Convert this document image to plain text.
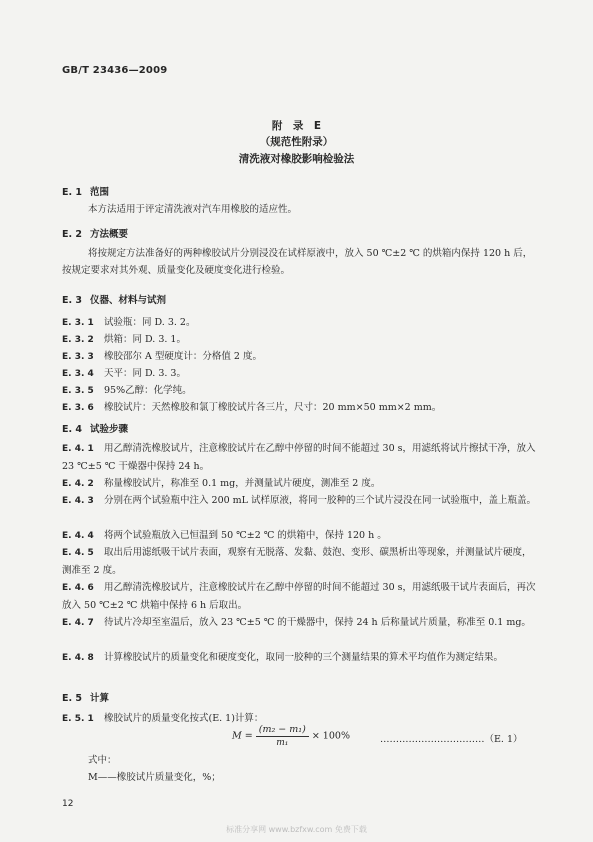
GB/T 23436—2009
附　录　E
（规范性附录）
清洗液对橡胶影响检验法
E. 1 范围
本方法适用于评定清洗液对汽车用橡胶的适应性。
E. 2 方法概要
将按规定方法准备好的两种橡胶试片分别浸没在试样原液中，放入 50 ℃±2 ℃ 的烘箱内保持 120 h 后，按规定要求对其外观、质量变化及硬度变化进行检验。
E. 3 仪器、材料与试剂
E. 3. 1 试验瓶：同 D. 3. 2。
E. 3. 2 烘箱：同 D. 3. 1。
E. 3. 3 橡胶邵尔 A 型硬度计：分格值 2 度。
E. 3. 4 天平：同 D. 3. 3。
E. 3. 5 95%乙醇：化学纯。
E. 3. 6 橡胶试片：天然橡胶和氯丁橡胶试片各三片，尺寸：20 mm×50 mm×2 mm。
E. 4 试验步骤
E. 4. 1 用乙醇清洗橡胶试片，注意橡胶试片在乙醇中停留的时间不能超过 30 s，用滤纸将试片擦拭干净，放入 23 ℃±5 ℃ 干燥器中保持 24 h。
E. 4. 2 称量橡胶试片，称准至 0.1 mg，并测量试片硬度，测准至 2 度。
E. 4. 3 分别在两个试验瓶中注入 200 mL 试样原液，将同一胶种的三个试片浸没在同一试验瓶中，盖上瓶盖。
E. 4. 4 将两个试验瓶放入已恒温到 50 ℃±2 ℃ 的烘箱中，保持 120 h 。
E. 4. 5 取出后用滤纸吸干试片表面，观察有无脱落、发黏、鼓泡、变形、碳黑析出等现象，并测量试片硬度，测准至 2 度。
E. 4. 6 用乙醇清洗橡胶试片，注意橡胶试片在乙醇中停留的时间不能超过 30 s，用滤纸吸干试片表面后，再次放入 50 ℃±2 ℃ 烘箱中保持 6 h 后取出。
E. 4. 7 待试片冷却至室温后，放入 23 ℃±5 ℃ 的干燥器中，保持 24 h 后称量试片质量，称准至 0.1 mg。
E. 4. 8 计算橡胶试片的质量变化和硬度变化，取同一胶种的三个测量结果的算术平均值作为测定结果。
E. 5 计算
E. 5. 1 橡胶试片的质量变化按式(E. 1)计算：
$M = \frac{\text{(m₂ − m₁)}}{\text{m₁}} \times 100\%$	……………………………（E. 1）
式中：
M——橡胶试片质量变化，%；
12
标准分享网 www.bzfxw.com 免费下载
